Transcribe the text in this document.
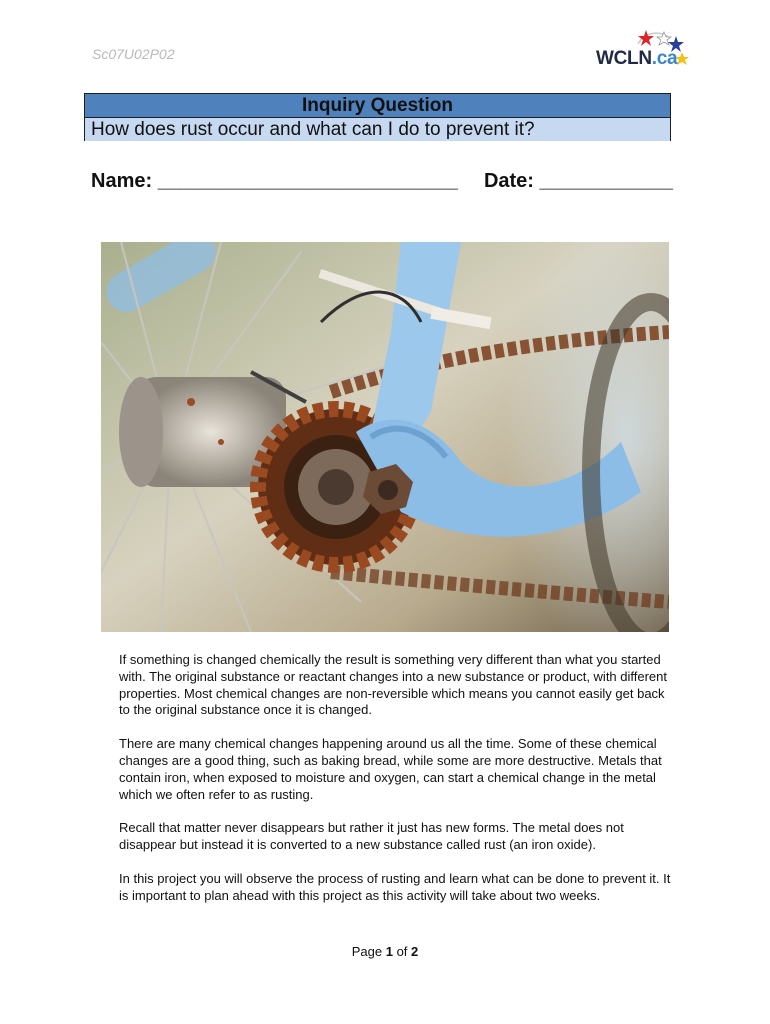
Sc07U02P02	WCLN.ca
Inquiry Question
How does rust occur and what can I do to prevent it?
Name: ___________________________ Date: ____________

If something is changed chemically the result is something very different than what you started with. The original substance or reactant changes into a new substance or product, with different properties. Most chemical changes are non-reversible which means you cannot easily get back to the original substance once it is changed.

There are many chemical changes happening around us all the time. Some of these chemical changes are a good thing, such as baking bread, while some are more destructive. Metals that contain iron, when exposed to moisture and oxygen, can start a chemical change in the metal which we often refer to as rusting.

Recall that matter never disappears but rather it just has new forms. The metal does not disappear but instead it is converted to a new substance called rust (an iron oxide).

In this project you will observe the process of rusting and learn what can be done to prevent it. It is important to plan ahead with this project as this activity will take about two weeks.

Page 1 of 2
